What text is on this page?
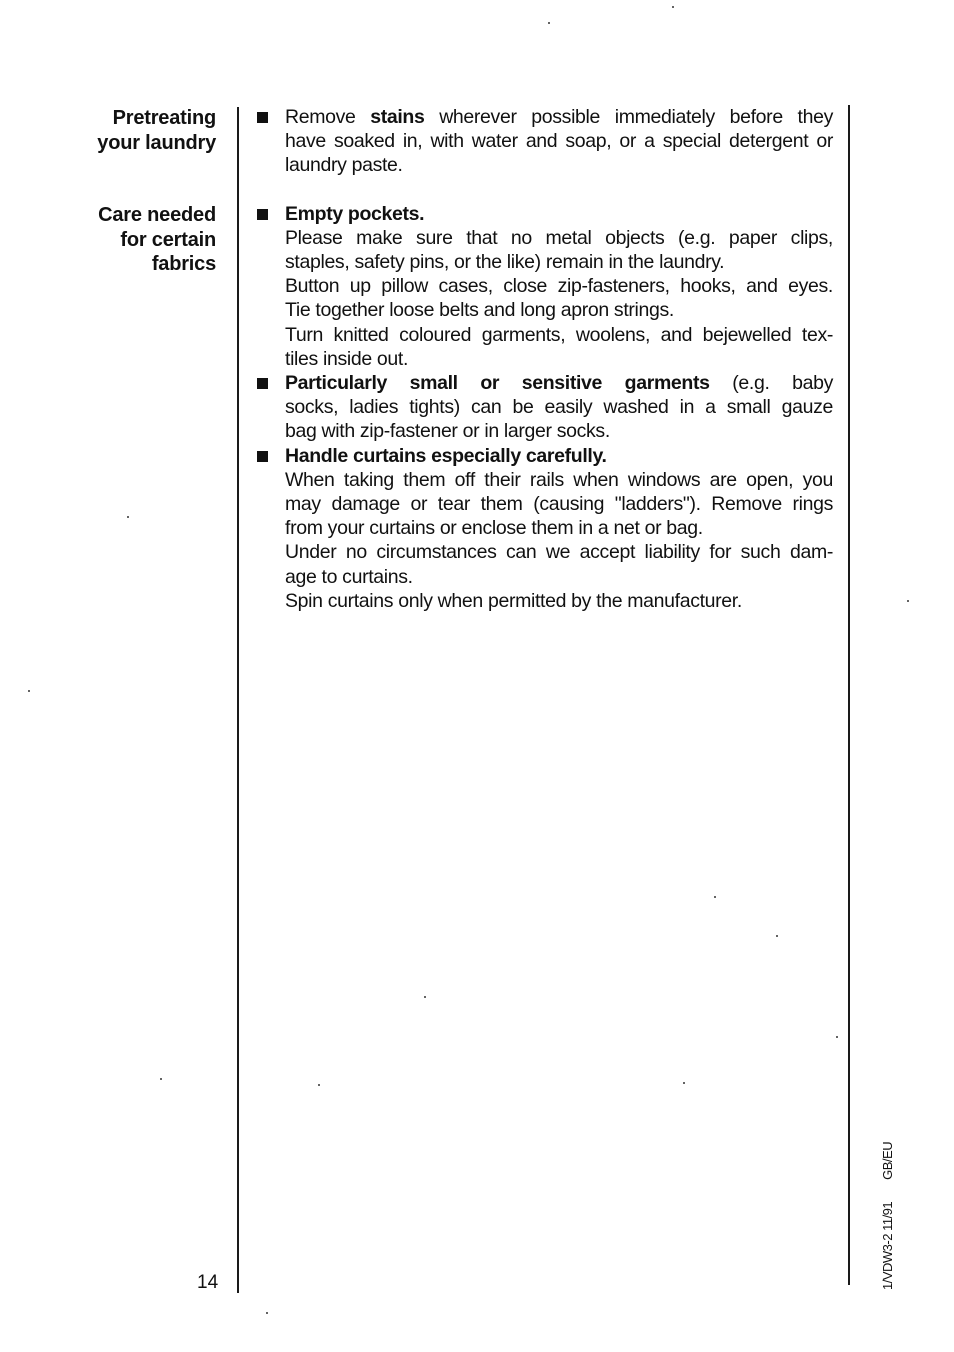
Pretreating
your laundry
Care needed
for certain
fabrics
Remove stains wherever possible immediately before they
have soaked in, with water and soap, or a special detergent or
laundry paste.
Empty pockets.
Please make sure that no metal objects (e.g. paper clips,
staples, safety pins, or the like) remain in the laundry.
Button up pillow cases, close zip-fasteners, hooks, and eyes.
Tie together loose belts and long apron strings.
Turn knitted coloured garments, woolens, and bejewelled tex-
tiles inside out.
Particularly small or sensitive garments (e.g. baby
socks, ladies tights) can be easily washed in a small gauze
bag with zip-fastener or in larger socks.
Handle curtains especially carefully.
When taking them off their rails when windows are open, you
may damage or tear them (causing "ladders"). Remove rings
from your curtains or enclose them in a net or bag.
Under no circumstances can we accept liability for such dam-
age to curtains.
Spin curtains only when permitted by the manufacturer.
14	1/VDW3-2 11/91GB/EU
